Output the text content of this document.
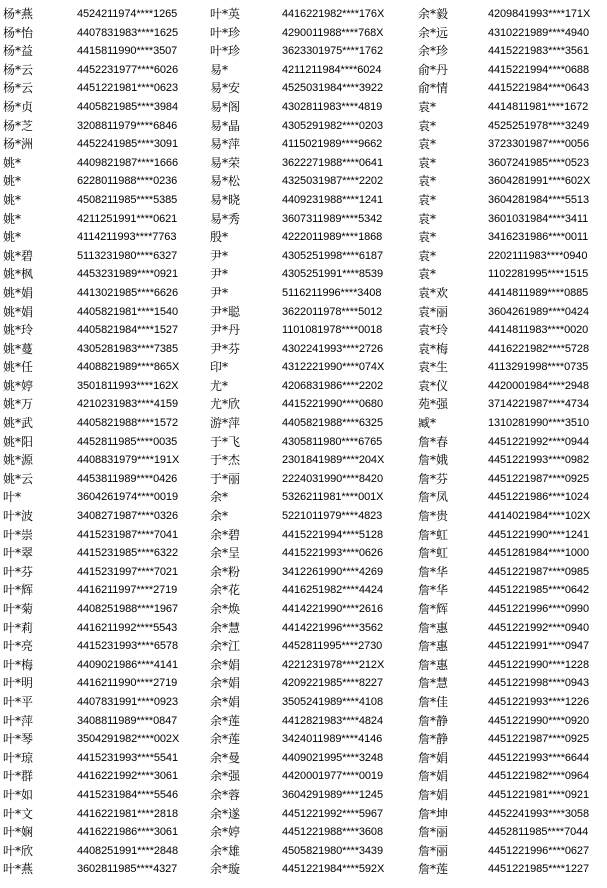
杨*燕	4524211974****1265
杨*怡	4407831983****1625
杨*益	4415811990****3507
杨*云	4452231977****6026
杨*云	4451221981****0623
杨*贞	4405821985****3984
杨*芝	3208811979****6846
杨*洲	4452241985****3091
姚*	4409821987****1666
姚*	6228011988****0236
姚*	4508211985****5385
姚*	4211251991****0621
姚*	4114211993****7763
姚*碧	5113231980****6327
姚*枫	4453231989****0921
姚*娟	4413021985****6626
姚*娟	4405821981****1540
姚*玲	4405821984****1527
姚*蔓	4305281983****7385
姚*任	4408821989****865X
姚*婷	3501811993****162X
姚*万	4210231983****4159
姚*武	4405821988****1572
姚*阳	4452811985****0035
姚*源	4408831979****191X
姚*云	4453811989****0426
叶*	3604261974****0019
叶*波	3408271987****0326
叶*崇	4415231987****7041
叶*翠	4415231985****6322
叶*芬	4415231997****7021
叶*辉	4416211997****2719
叶*菊	4408251988****1967
叶*莉	4416211992****5543
叶*亮	4415231993****6578
叶*梅	4409021986****4141
叶*明	4416211990****2719
叶*平	4407831991****0923
叶*萍	3408811989****0847
叶*琴	3504291982****002X
叶*琼	4415231993****5541
叶*群	4416221992****3061
叶*如	4415231984****5546
叶*文	4416221981****2818
叶*娴	4416221986****3061
叶*欣	4408251991****2848
叶*燕	3602811985****4327
叶*英	4416221982****176X
叶*珍	4290011988****768X
叶*珍	3623301975****1762
易*	4211211984****6024
易*安	4525031984****3922
易*阁	4302811983****4819
易*晶	4305291982****0203
易*萍	4115021989****9662
易*荣	3622271988****0641
易*松	4325031987****2202
易*晓	4409231988****1241
易*秀	3607311989****5342
殷*	4222011989****1868
尹*	4305251998****6187
尹*	4305251991****8539
尹*	5116211996****3408
尹*聪	3622011978****5012
尹*丹	1101081978****0018
尹*芬	4302241993****2726
印*	4312221990****074X
尤*	4206831986****2202
尤*欣	4415221990****0680
游*萍	4405821988****6325
于*飞	4305811980****6765
于*杰	2301841989****204X
于*丽	2224031990****8420
余*	5326211981****001X
余*	5221011979****4823
余*碧	4415221994****5128
余*呈	4415221993****0626
余*粉	3412261990****4269
余*花	4416251982****4424
余*焕	4414221990****2616
余*慧	4414221996****3562
余*江	4452811995****2730
余*娟	4221231978****212X
余*娟	4209221985****8227
余*娟	3505241989****4108
余*莲	4412821983****4824
余*莲	3424011989****4146
余*曼	4409021995****3248
余*强	4420001977****0019
余*蓉	3604291989****1245
余*遂	4451221992****5967
余*婷	4451221988****3608
余*雄	4505821980****3439
余*璇	4451221984****592X
余*毅	4209841993****171X
余*远	4310221989****4940
余*珍	4415221983****3561
俞*丹	4415221994****0688
俞*情	4415221984****0643
袁*	4414811981****1672
袁*	4525251978****3249
袁*	3723301987****0056
袁*	3607241985****0523
袁*	3604281991****602X
袁*	3604281984****5513
袁*	3601031984****3411
袁*	3416231986****0011
袁*	2202111983****0940
袁*	1102281995****1515
袁*欢	4414811989****0885
袁*丽	3604261989****0424
袁*玲	4414811983****0020
袁*梅	4416221982****5728
袁*生	4113291998****0735
袁*仪	4420001984****2948
苑*强	3714221987****4734
臧*	1310281990****3510
詹*春	4451221992****0944
詹*娥	4451221993****0982
詹*芬	4451221987****0925
詹*凤	4451221986****1024
詹*贵	4414021984****102X
詹*虹	4451221990****1241
詹*虹	4451281984****1000
詹*华	4451221987****0985
詹*华	4451221985****0642
詹*辉	4451221996****0990
詹*惠	4451221992****0940
詹*惠	4451221991****0947
詹*惠	4451221990****1228
詹*慧	4451221998****0943
詹*佳	4451221993****1226
詹*静	4451221990****0920
詹*静	4451221987****0925
詹*娟	4451221993****6644
詹*娟	4451221982****0964
詹*娟	4451221981****0921
詹*坤	4452241993****3058
詹*丽	4452811985****7044
詹*丽	4451221996****0627
詹*莲	4451221985****1227
